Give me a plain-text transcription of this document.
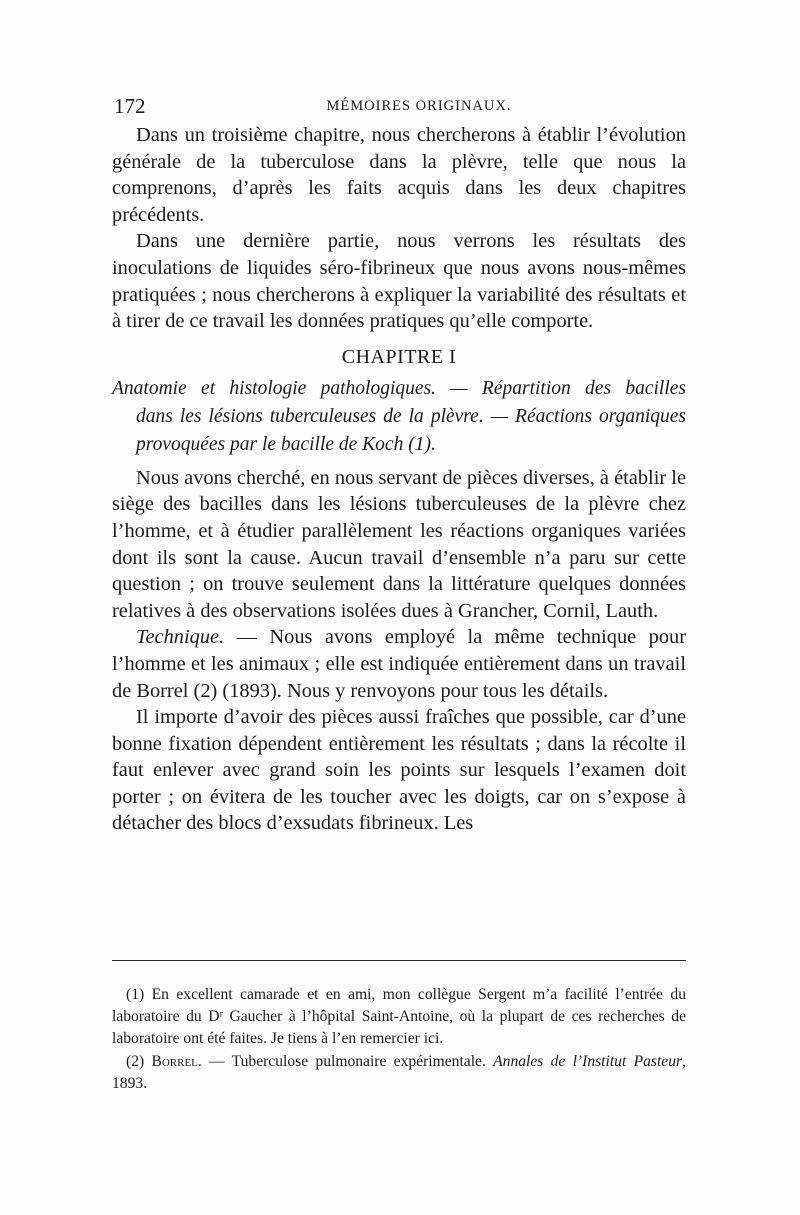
172	MÉMOIRES ORIGINAUX.

Dans un troisième chapitre, nous chercherons à établir l’évolution générale de la tuberculose dans la plèvre, telle que nous la comprenons, d’après les faits acquis dans les deux chapitres précédents.

Dans une dernière partie, nous verrons les résultats des inoculations de liquides séro-fibrineux que nous avons nous-mêmes pratiquées ; nous chercherons à expliquer la variabilité des résultats et à tirer de ce travail les données pratiques qu’elle comporte.

CHAPITRE I
Anatomie et histologie pathologiques. — Répartition des bacilles
dans les lésions tuberculeuses de la plèvre. — Réactions organiques provoquées par le bacille de Koch (1).

Nous avons cherché, en nous servant de pièces diverses, à établir le siège des bacilles dans les lésions tuberculeuses de la plèvre chez l’homme, et à étudier parallèlement les réactions organiques variées dont ils sont la cause. Aucun travail d’ensemble n’a paru sur cette question ; on trouve seulement dans la littérature quelques données relatives à des observations isolées dues à Grancher, Cornil, Lauth.

Technique. — Nous avons employé la même technique pour l’homme et les animaux ; elle est indiquée entièrement dans un travail de Borrel (2) (1893). Nous y renvoyons pour tous les détails.

Il importe d’avoir des pièces aussi fraîches que possible, car d’une bonne fixation dépendent entièrement les résultats ; dans la récolte il faut enlever avec grand soin les points sur lesquels l’examen doit porter ; on évitera de les toucher avec les doigts, car on s’expose à détacher des blocs d’exsudats fibrineux. Les

(1) En excellent camarade et en ami, mon collègue Sergent m’a facilité l’entrée du laboratoire du Dʳ Gaucher à l’hôpital Saint-Antoine, où la plupart de ces recherches de laboratoire ont été faites. Je tiens à l’en remercier ici.

(2) Borrel. — Tuberculose pulmonaire expérimentale. Annales de l’Institut Pasteur, 1893.
